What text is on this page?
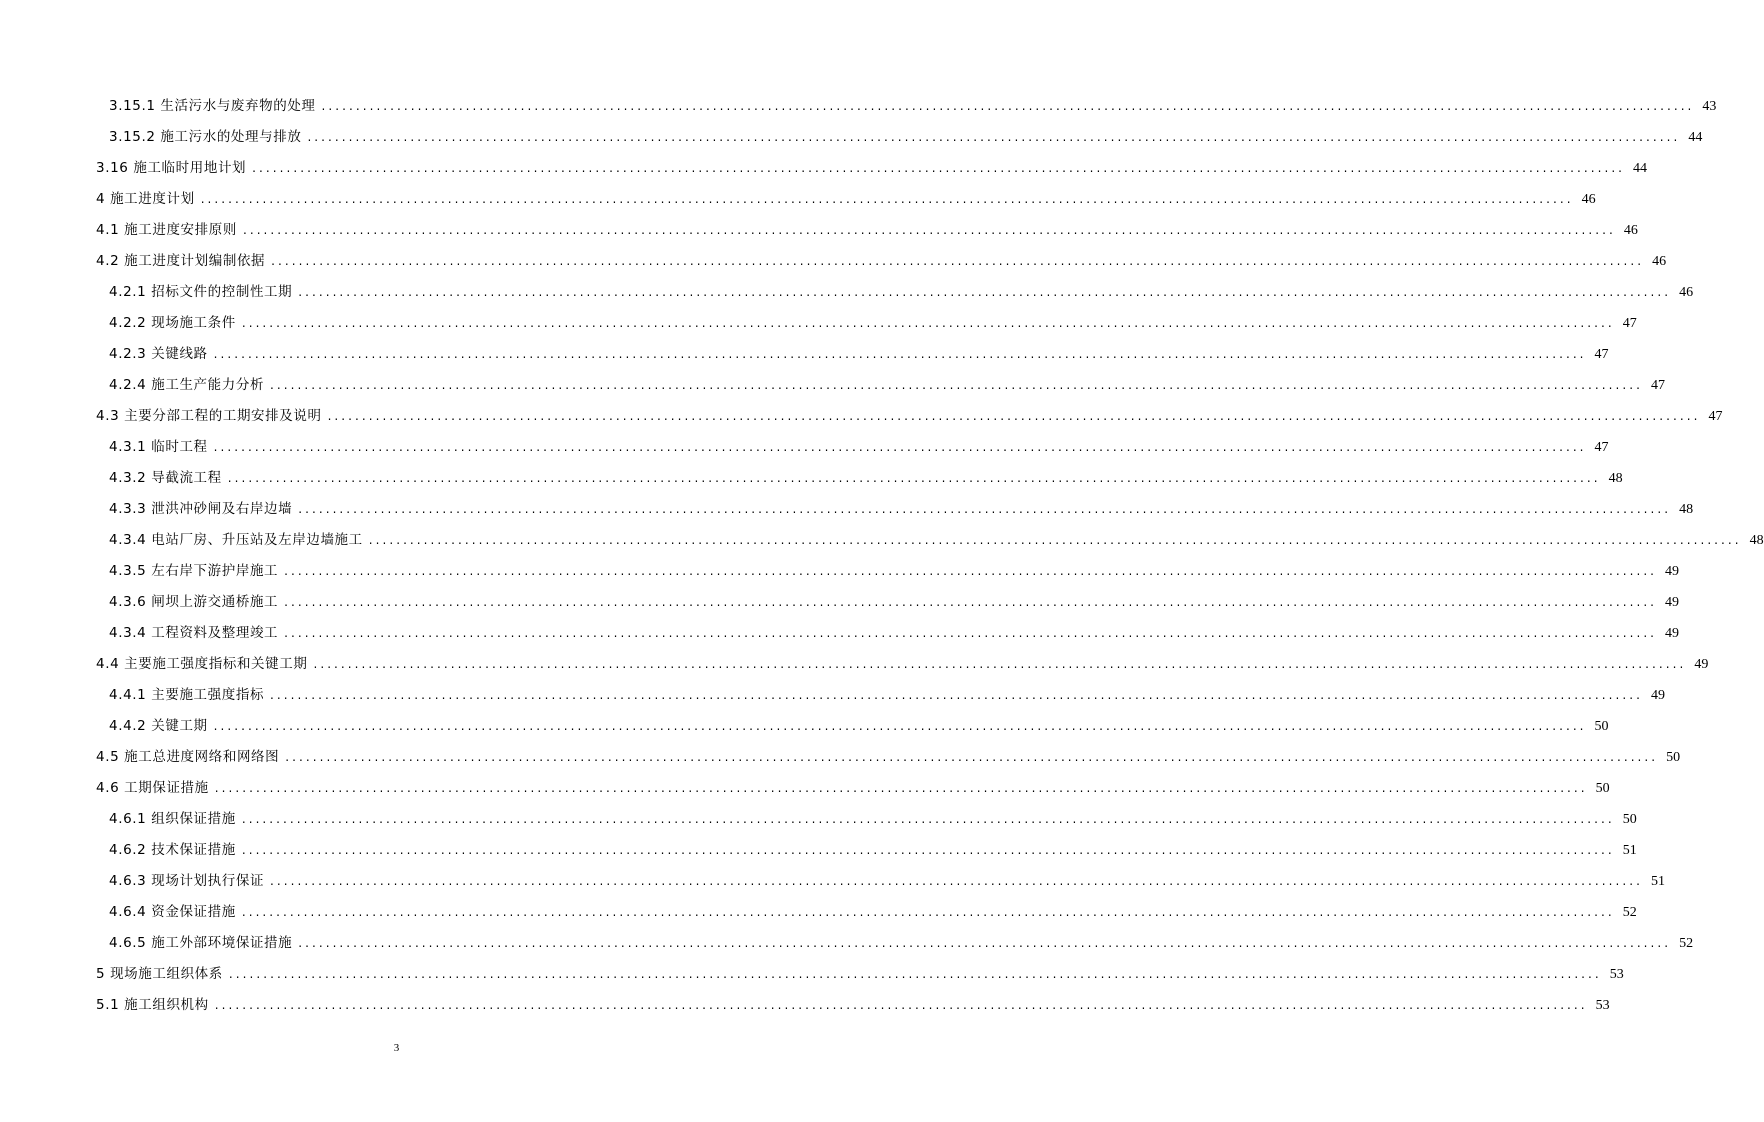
3.15.1 生活污水与废弃物的处理 ........................................................................................................................................................................................................ 43
3.15.2 施工污水的处理与排放 ........................................................................................................................................................................................................ 44
3.16 施工临时用地计划 ........................................................................................................................................................................................................ 44
4 施工进度计划 ........................................................................................................................................................................................................ 46
4.1 施工进度安排原则 ........................................................................................................................................................................................................ 46
4.2 施工进度计划编制依据 ........................................................................................................................................................................................................ 46
4.2.1 招标文件的控制性工期 ........................................................................................................................................................................................................ 46
4.2.2 现场施工条件 ........................................................................................................................................................................................................ 47
4.2.3 关键线路 ........................................................................................................................................................................................................ 47
4.2.4 施工生产能力分析 ........................................................................................................................................................................................................ 47
4.3 主要分部工程的工期安排及说明 ........................................................................................................................................................................................................ 47
4.3.1 临时工程 ........................................................................................................................................................................................................ 47
4.3.2 导截流工程 ........................................................................................................................................................................................................ 48
4.3.3 泄洪冲砂闸及右岸边墙 ........................................................................................................................................................................................................ 48
4.3.4 电站厂房、升压站及左岸边墙施工 ........................................................................................................................................................................................................ 48
4.3.5 左右岸下游护岸施工 ........................................................................................................................................................................................................ 49
4.3.6 闸坝上游交通桥施工 ........................................................................................................................................................................................................ 49
4.3.4 工程资料及整理竣工 ........................................................................................................................................................................................................ 49
4.4 主要施工强度指标和关键工期 ........................................................................................................................................................................................................ 49
4.4.1 主要施工强度指标 ........................................................................................................................................................................................................ 49
4.4.2 关键工期 ........................................................................................................................................................................................................ 50
4.5 施工总进度网络和网络图 ........................................................................................................................................................................................................ 50
4.6 工期保证措施 ........................................................................................................................................................................................................ 50
4.6.1 组织保证措施 ........................................................................................................................................................................................................ 50
4.6.2 技术保证措施 ........................................................................................................................................................................................................ 51
4.6.3 现场计划执行保证 ........................................................................................................................................................................................................ 51
4.6.4 资金保证措施 ........................................................................................................................................................................................................ 52
4.6.5 施工外部环境保证措施 ........................................................................................................................................................................................................ 52
5 现场施工组织体系 ........................................................................................................................................................................................................ 53
5.1 施工组织机构 ........................................................................................................................................................................................................ 53
3
